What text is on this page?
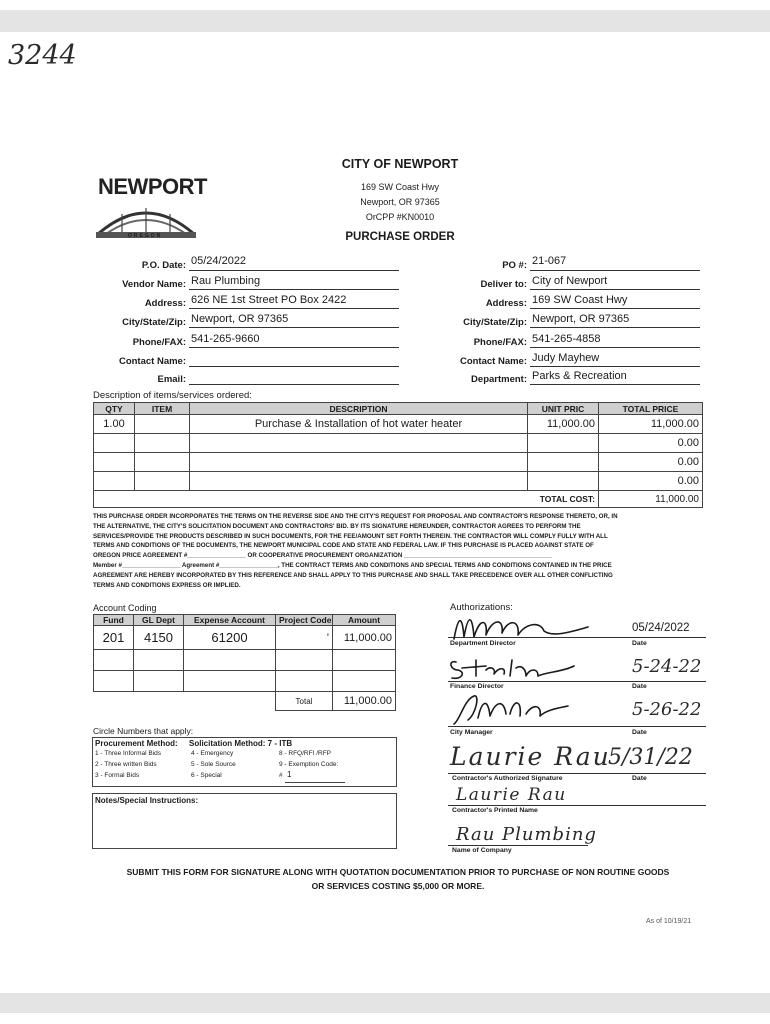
3244
NEWPORT
OREGON
CITY OF NEWPORT
169 SW Coast Hwy
Newport, OR 97365
OrCPP #KN0010
PURCHASE ORDER
P.O. Date: 05/24/2022
Vendor Name: Rau Plumbing
Address: 626 NE 1st Street PO Box 2422
City/State/Zip: Newport, OR 97365
Phone/FAX: 541-265-9660
Contact Name:
Email:
PO #: 21-067
Deliver to: City of Newport
Address: 169 SW Coast Hwy
City/State/Zip: Newport, OR 97365
Phone/FAX: 541-265-4858
Contact Name: Judy Mayhew
Department: Parks & Recreation
Description of items/services ordered:
QTY	ITEM	DESCRIPTION	UNIT PRIC	TOTAL PRICE
1.00		Purchase & Installation of hot water heater	11,000.00	11,000.00
				0.00
				0.00
				0.00
			TOTAL COST:	11,000.00
THIS PURCHASE ORDER INCORPORATES THE TERMS ON THE REVERSE SIDE AND THE CITY'S REQUEST FOR PROPOSAL AND CONTRACTOR'S RESPONSE THERETO, OR, IN
THE ALTERNATIVE, THE CITY'S SOLICITATION DOCUMENT AND CONTRACTORS' BID. BY ITS SIGNATURE HEREUNDER, CONTRACTOR AGREES TO PERFORM THE
SERVICES/PROVIDE THE PRODUCTS DESCRIBED IN SUCH DOCUMENTS, FOR THE FEE/AMOUNT SET FORTH THEREIN. THE CONTRACTOR WILL COMPLY FULLY WITH ALL
TERMS AND CONDITIONS OF THE DOCUMENTS, THE NEWPORT MUNICIPAL CODE AND STATE AND FEDERAL LAW. IF THIS PURCHASE IS PLACED AGAINST STATE OF
OREGON PRICE AGREEMENT #_________________ OR COOPERATIVE PROCUREMENT ORGANIZATION ___________________________________________
Member #_________________ Agreement #_________________, THE CONTRACT TERMS AND CONDITIONS AND SPECIAL TERMS AND CONDITIONS CONTAINED IN THE PRICE
AGREEMENT ARE HEREBY INCORPORATED BY THIS REFERENCE AND SHALL APPLY TO THIS PURCHASE AND SHALL TAKE PRECEDENCE OVER ALL OTHER CONFLICTING
TERMS AND CONDITIONS EXPRESS OR IMPLIED.
Account Coding
Fund	GL Dept	Expense Account	Project Code	Amount
201	4150	61200	'	11,000.00

			Total	11,000.00
Circle Numbers that apply:
Procurement Method: Solicitation Method: 7 - ITB
1 - Three Informal Bids
2 - Three written Bids
3 - Formal Bids
4 - Emergency
5 - Sole Source
6 - Special
8 - RFQ/RFI /RFP
9 - Exemption Code:
# 1
Notes/Special Instructions:
Authorizations:
Department Director
05/24/2022
Date
Finance Director
5-24-22
Date
City Manager
5-26-22
Date
Laurie Rau
Contractor's Authorized Signature
5/31/22
Date
Laurie Rau
Contractor's Printed Name
Rau Plumbing
Name of Company
SUBMIT THIS FORM FOR SIGNATURE ALONG WITH QUOTATION DOCUMENTATION PRIOR TO PURCHASE OF NON ROUTINE GOODS
OR SERVICES COSTING $5,000 OR MORE.
As of 10/19/21
